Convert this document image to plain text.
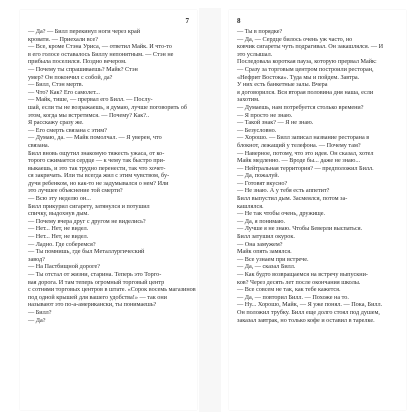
7
— Да? — Билл перекинул ноги через край
кровати. — Приехали все?
— Все, кроме Стэна Уриса, — ответил Майк. И что-то
в его голосе оставалось Биллу непонятным. — Стэн не
прибыла поселился. Поздно вечером.
— Почему ты спрашиваешь? Майк? Стэн
умер? Он покончил с собой, да?
— Билл, Стэн мертв.
— Что? Как? Его самолет...
— Майк, тише, — прервал его Билл. — Послу-
шай, если ты не возражаешь, я думаю, лучше поговорить об
этом, когда мы встретимся. — Почему? Как?..
Я расскажу сразу же.
— Его смерть связана с этим?
— Думаю, да. — Майк помолчал. — Я уверен, что
связана.
Билл вновь ощутил знакомую тяжесть ужаса, от ко-
торого сжимается сердце — к чему так быстро при-
выкаешь, и это так трудно перенести, так что хочет-
ся закричать. Или ты всегда жил с этим чувством, бу-
дучи ребенком, но как-то не задумывался о нем? Или
это лучшее объяснение той смерти?
— Всю эту неделю он...
Билл прикурил сигарету, затянулся и потушил
спичку, выдохнув дым.
— Почему вчера друг с другом не виделись?
— Нет... Нет, не видел.
— Нет... Нет, не видел.
— Ладно. Где соберемся?
— Ты помнишь, где был Металлургический
завод?
— На Пастбищной дороге?
— Ты отстал от жизни, старина. Теперь это Торго-
вая дорога. И там теперь огромный торговый центр
с сотнями торговых центров в штате. «Сорок восемь магазинов
под одной крышей для вашего удобства!» — так они
называют это по-а-американски, ты понимаешь?
— Билл?
— Да?
8
— Ты в порядке?
— Да, — Сердце билось очень уж часто, но
ковчик сигареты чуть подрагивал. Он закашлялся. — И
это услышал.
Последовала короткая пауза, которую прервал Майк:
— Сразу за торговым центром построили ресторан,
«Нефрит Востока». Туда мы и пойдем. Завтра.
У них есть банкетные залы. Вчера
я договорился. Вся вторая половина дня наша, если
захотим.
— Думаешь, нам потребуется столько времени?
— Я просто не знаю.
— Такой знак? — Я не знаю.
— Безусловно.
— Хорошо. — Билл записал название ресторана в
блокнот, лежащий у телефона. — Почему там?
— Наверное, потому, что это идея. Он сказал, хотел
Майк медленно. — Вроде бы... даже не знаю...
— Нейтральная территория? — предположил Билл.
— Да, пожалуй.
— Готовят вкусно?
— Не знаю. А у тебя есть аппетит?
Билл выпустил дым. Засмеялся, потом за-
кашлялся.
— Не так чтобы очень, дружище.
— Да, я понимаю.
— Лучше я не знаю. Чтобы Беверли выспаться.
Билл затушил окурок.
— Она замужем?
Майк опять замялся.
— Все узнаем при встрече.
— Да, — сказал Билл.
— Как будто возвращаемся на встречу выпускни-
ков? Через десять лет после окончания школы.
— Все совсем не так, как тебе кажется.
— Да, — повторил Билл. — Похоже на то.
— Ну... Хорошо, Майк, — Я уже понял. — Пока, Билл.
Он положил трубку. Билл еще долго стоял под душем,
заказал завтрак, но только кофе и оставил в тарелке.
